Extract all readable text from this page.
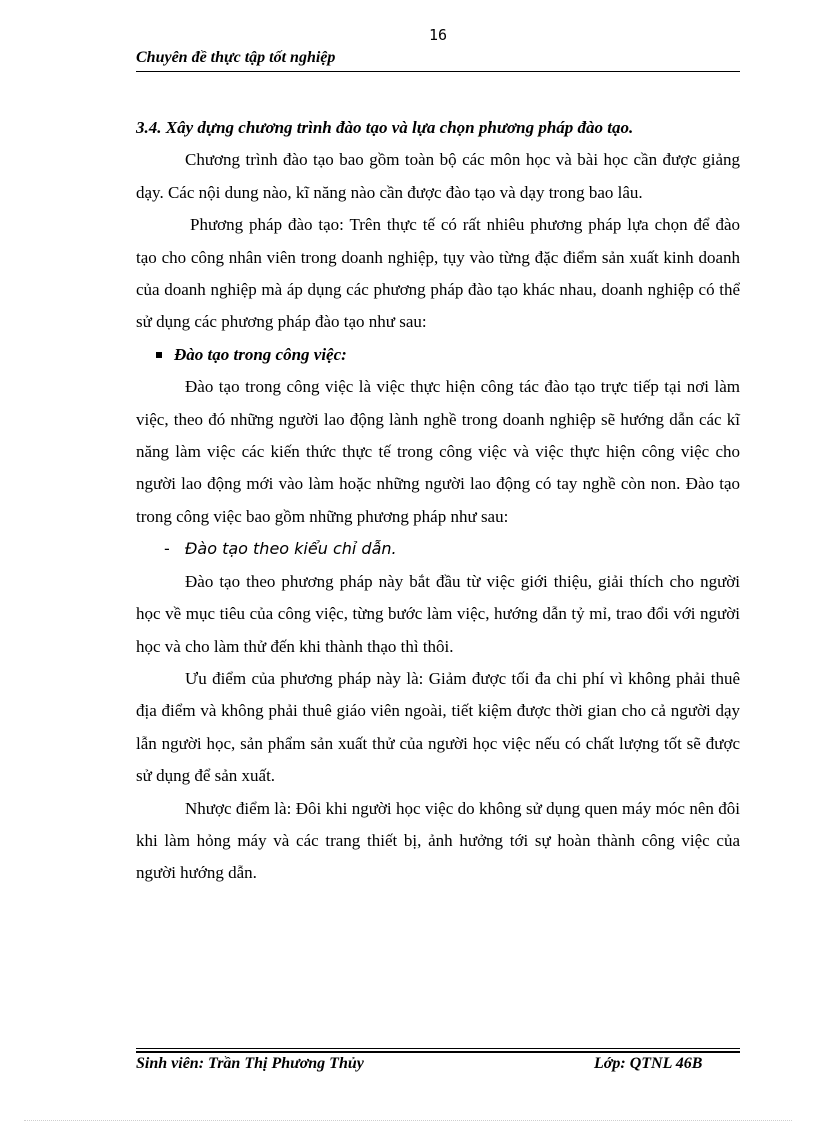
16
Chuyên đề thực tập tốt nghiệp

3.4. Xây dựng chương trình đào tạo và lựa chọn phương pháp đào tạo.

Chương trình đào tạo bao gồm toàn bộ các môn học và bài học cần được giảng dạy. Các nội dung nào, kĩ năng nào cần được đào tạo và dạy trong bao lâu.

Phương pháp đào tạo: Trên thực tế có rất nhiêu phương pháp lựa chọn để đào tạo cho công nhân viên trong doanh nghiệp, tụy vào từng đặc điểm sản xuất kinh doanh của doanh nghiệp mà áp dụng các phương pháp đào tạo khác nhau, doanh nghiệp có thể sử dụng các phương pháp đào tạo như sau:

Đào tạo trong công việc:

Đào tạo trong công việc là việc thực hiện công tác đào tạo trực tiếp tại nơi làm việc, theo đó những người lao động lành nghề trong doanh nghiệp sẽ hướng dẫn các kĩ năng làm việc các kiến thức thực tế trong công việc và việc thực hiện công việc cho người lao động mới vào làm hoặc những người lao động có tay nghề còn non. Đào tạo trong công việc bao gồm những phương pháp như sau:

- Đào tạo theo kiểu chỉ dẫn.

Đào tạo theo phương pháp này bắt đầu từ việc giới thiệu, giải thích cho người học về mục tiêu của công việc, từng bước làm việc, hướng dẫn tỷ mỉ, trao đổi với người học và cho làm thử đến khi thành thạo thì thôi.

Ưu điểm của phương pháp này là: Giảm được tối đa chi phí vì không phải thuê địa điểm và không phải thuê giáo viên ngoài, tiết kiệm được thời gian cho cả người dạy lẫn người học, sản phẩm sản xuất thử của người học việc nếu có chất lượng tốt sẽ được sử dụng để sản xuất.

Nhược điểm là: Đôi khi người học việc do không sử dụng quen máy móc nên đôi khi làm hỏng máy và các trang thiết bị, ảnh hưởng tới sự hoàn thành công việc của người hướng dẫn.

Sinh viên: Trần Thị Phương Thủy	Lớp: QTNL 46B
